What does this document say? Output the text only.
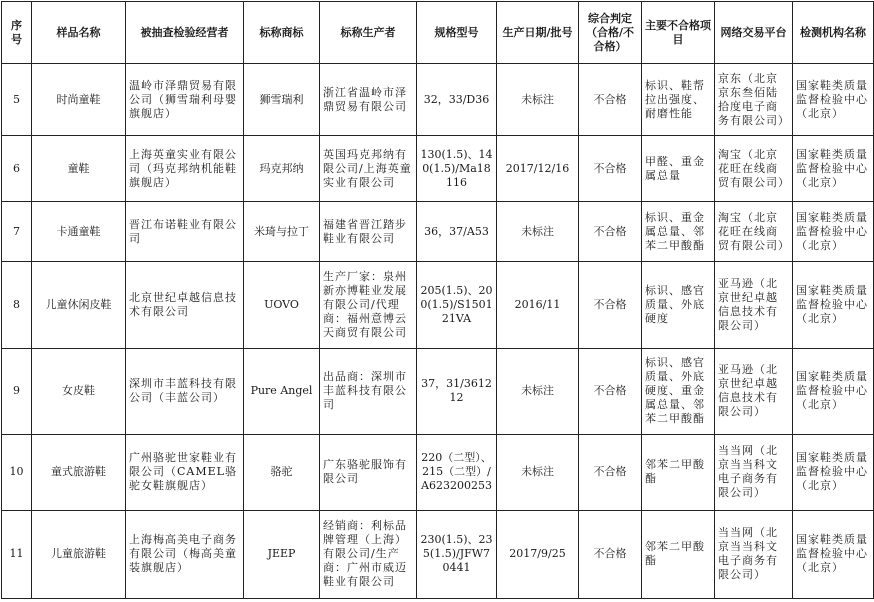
序号	样品名称	被抽查检验经营者	标称商标	标称生产者	规格型号	生产日期/批号	综合判定（合格/不合格）	主要不合格项目	网络交易平台	检测机构名称
5	时尚童鞋	温岭市泽鼎贸易有限公司（狮雪瑞利母婴旗舰店）	狮雪瑞利	浙江省温岭市泽鼎贸易有限公司	32，33/D36	未标注	不合格	标识、鞋帮拉出强度、耐磨性能	京东（北京京东叁佰陆拾度电子商务有限公司）	国家鞋类质量监督检验中心（北京）
6	童鞋	上海英童实业有限公司（玛克邦纳机能鞋旗舰店）	玛克邦纳	英国玛克邦纳有限公司/上海英童实业有限公司	130(1.5)、140(1.5)/Ma18116	2017/12/16	不合格	甲醛、重金属总量	淘宝（北京花旺在线商贸有限公司）	国家鞋类质量监督检验中心（北京）
7	卡通童鞋	晋江布诺鞋业有限公司	米琦与拉丁	福建省晋江踏步鞋业有限公司	36，37/A53	未标注	不合格	标识、重金属总量、邻苯二甲酸酯	淘宝（北京花旺在线商贸有限公司）	国家鞋类质量监督检验中心（北京）
8	儿童休闲皮鞋	北京世纪卓越信息技术有限公司	UOVO	生产厂家：泉州新亦博鞋业发展有限公司/代理商：福州意博云天商贸有限公司	205(1.5)、200(1.5)/S150121VA	2016/11	不合格	标识、感官质量、外底硬度	亚马逊（北京世纪卓越信息技术有限公司）	国家鞋类质量监督检验中心（北京）
9	女皮鞋	深圳市丰蓝科技有限公司（丰蓝公司）	Pure Angel	出品商：深圳市丰蓝科技有限公司	37，31/361212	未标注	不合格	标识、感官质量、外底硬度、重金属总量、邻苯二甲酸酯	亚马逊（北京世纪卓越信息技术有限公司）	国家鞋类质量监督检验中心（北京）
10	童式旅游鞋	广州骆驼世家鞋业有限公司（CAMEL骆驼女鞋旗舰店）	骆驼	广东骆驼服饰有限公司	220（二型）、215（二型）/A623200253	未标注	不合格	邻苯二甲酸酯	当当网（北京当当科文电子商务有限公司）	国家鞋类质量监督检验中心（北京）
11	儿童旅游鞋	上海梅高美电子商务有限公司（梅高美童装旗舰店）	JEEP	经销商：利标品牌管理（上海）有限公司/生产商：广州市威迈鞋业有限公司	230(1.5)、235(1.5)/JFW70441	2017/9/25	不合格	邻苯二甲酸酯	当当网（北京当当科文电子商务有限公司）	国家鞋类质量监督检验中心（北京）
